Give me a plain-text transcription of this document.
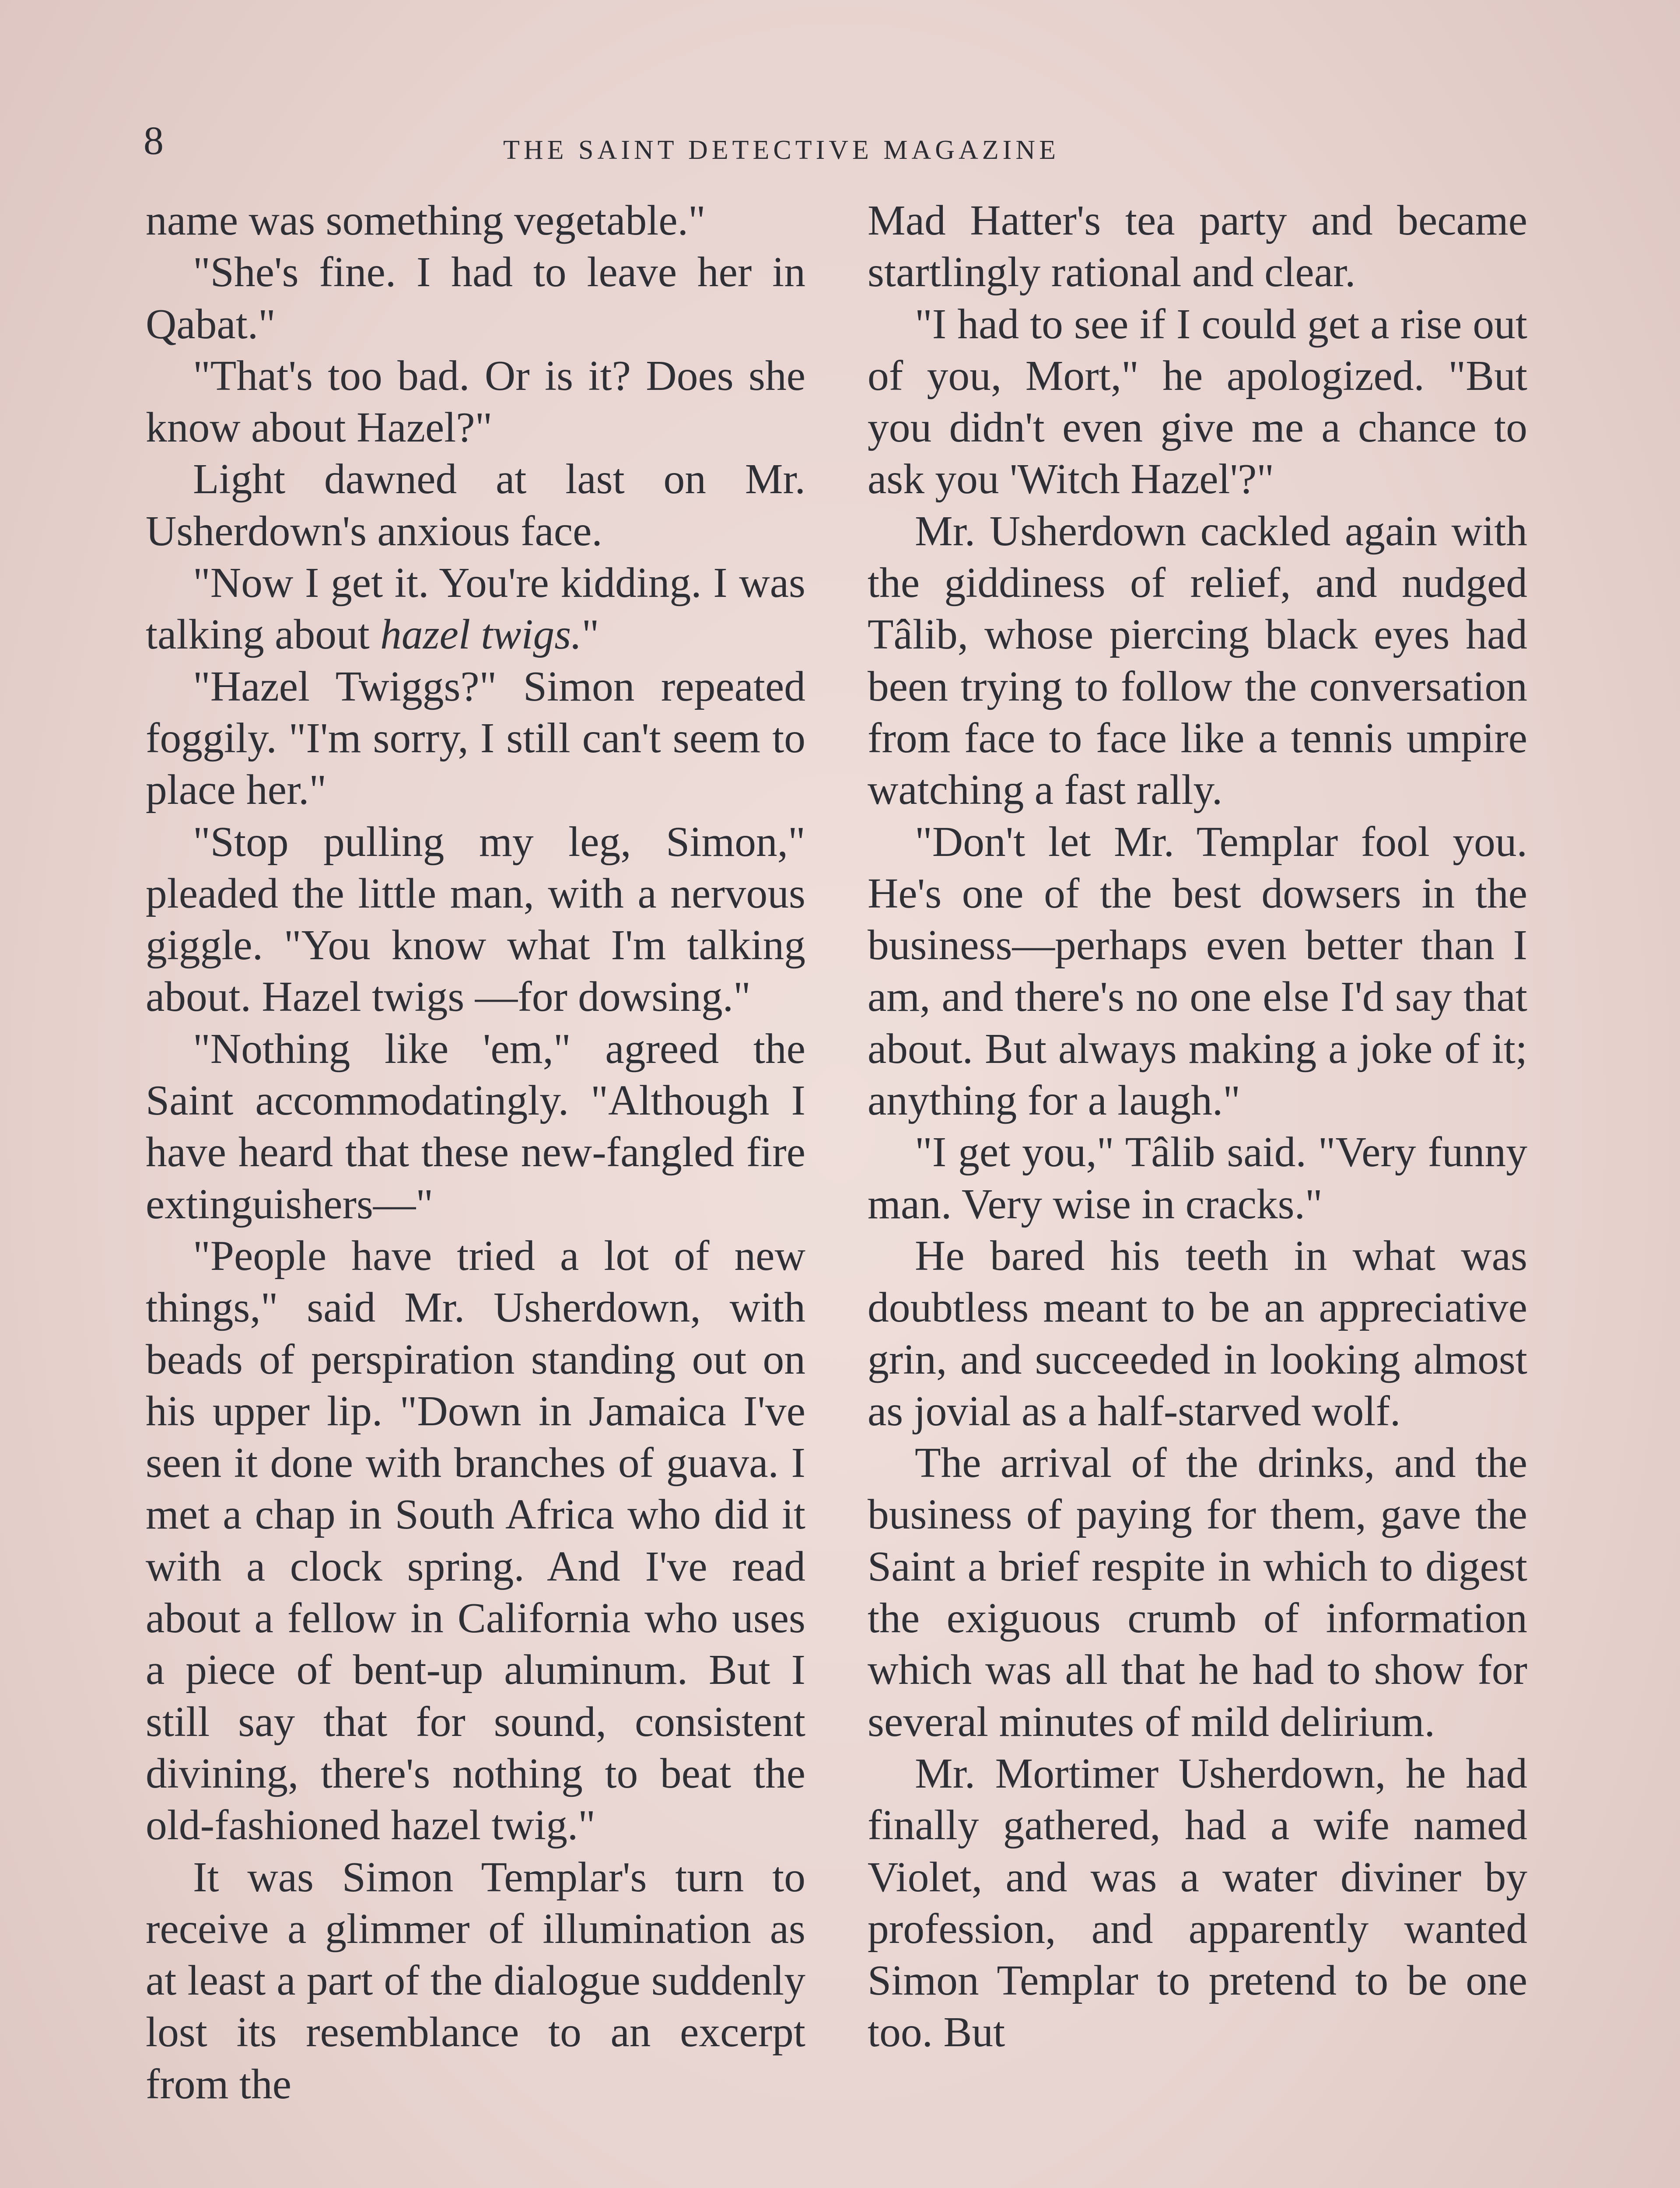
8	THE SAINT DETECTIVE MAGAZINE

name was something vegetable."

"She's fine. I had to leave her in Qabat."

"That's too bad. Or is it? Does she know about Hazel?"

Light dawned at last on Mr. Usherdown's anxious face.

"Now I get it. You're kidding. I was talking about hazel twigs."

"Hazel Twiggs?" Simon repeated foggily. "I'm sorry, I still can't seem to place her."

"Stop pulling my leg, Simon," pleaded the little man, with a nervous giggle. "You know what I'm talking about. Hazel twigs —for dowsing."

"Nothing like 'em," agreed the Saint accommodatingly. "Although I have heard that these new-fangled fire extinguishers—"

"People have tried a lot of new things," said Mr. Usherdown, with beads of perspiration standing out on his upper lip. "Down in Jamaica I've seen it done with branches of guava. I met a chap in South Africa who did it with a clock spring. And I've read about a fellow in California who uses a piece of bent-up aluminum. But I still say that for sound, consistent divining, there's nothing to beat the old-fashioned hazel twig."

It was Simon Templar's turn to receive a glimmer of illumination as at least a part of the dialogue suddenly lost its resemblance to an excerpt from the

Mad Hatter's tea party and became startlingly rational and clear.

"I had to see if I could get a rise out of you, Mort," he apologized. "But you didn't even give me a chance to ask you 'Witch Hazel'?"

Mr. Usherdown cackled again with the giddiness of relief, and nudged Tâlib, whose piercing black eyes had been trying to follow the conversation from face to face like a tennis umpire watching a fast rally.

"Don't let Mr. Templar fool you. He's one of the best dowsers in the business—perhaps even better than I am, and there's no one else I'd say that about. But always making a joke of it; anything for a laugh."

"I get you," Tâlib said. "Very funny man. Very wise in cracks."

He bared his teeth in what was doubtless meant to be an appreciative grin, and succeeded in looking almost as jovial as a half-starved wolf.

The arrival of the drinks, and the business of paying for them, gave the Saint a brief respite in which to digest the exiguous crumb of information which was all that he had to show for several minutes of mild delirium.

Mr. Mortimer Usherdown, he had finally gathered, had a wife named Violet, and was a water diviner by profession, and apparently wanted Simon Templar to pretend to be one too. But
